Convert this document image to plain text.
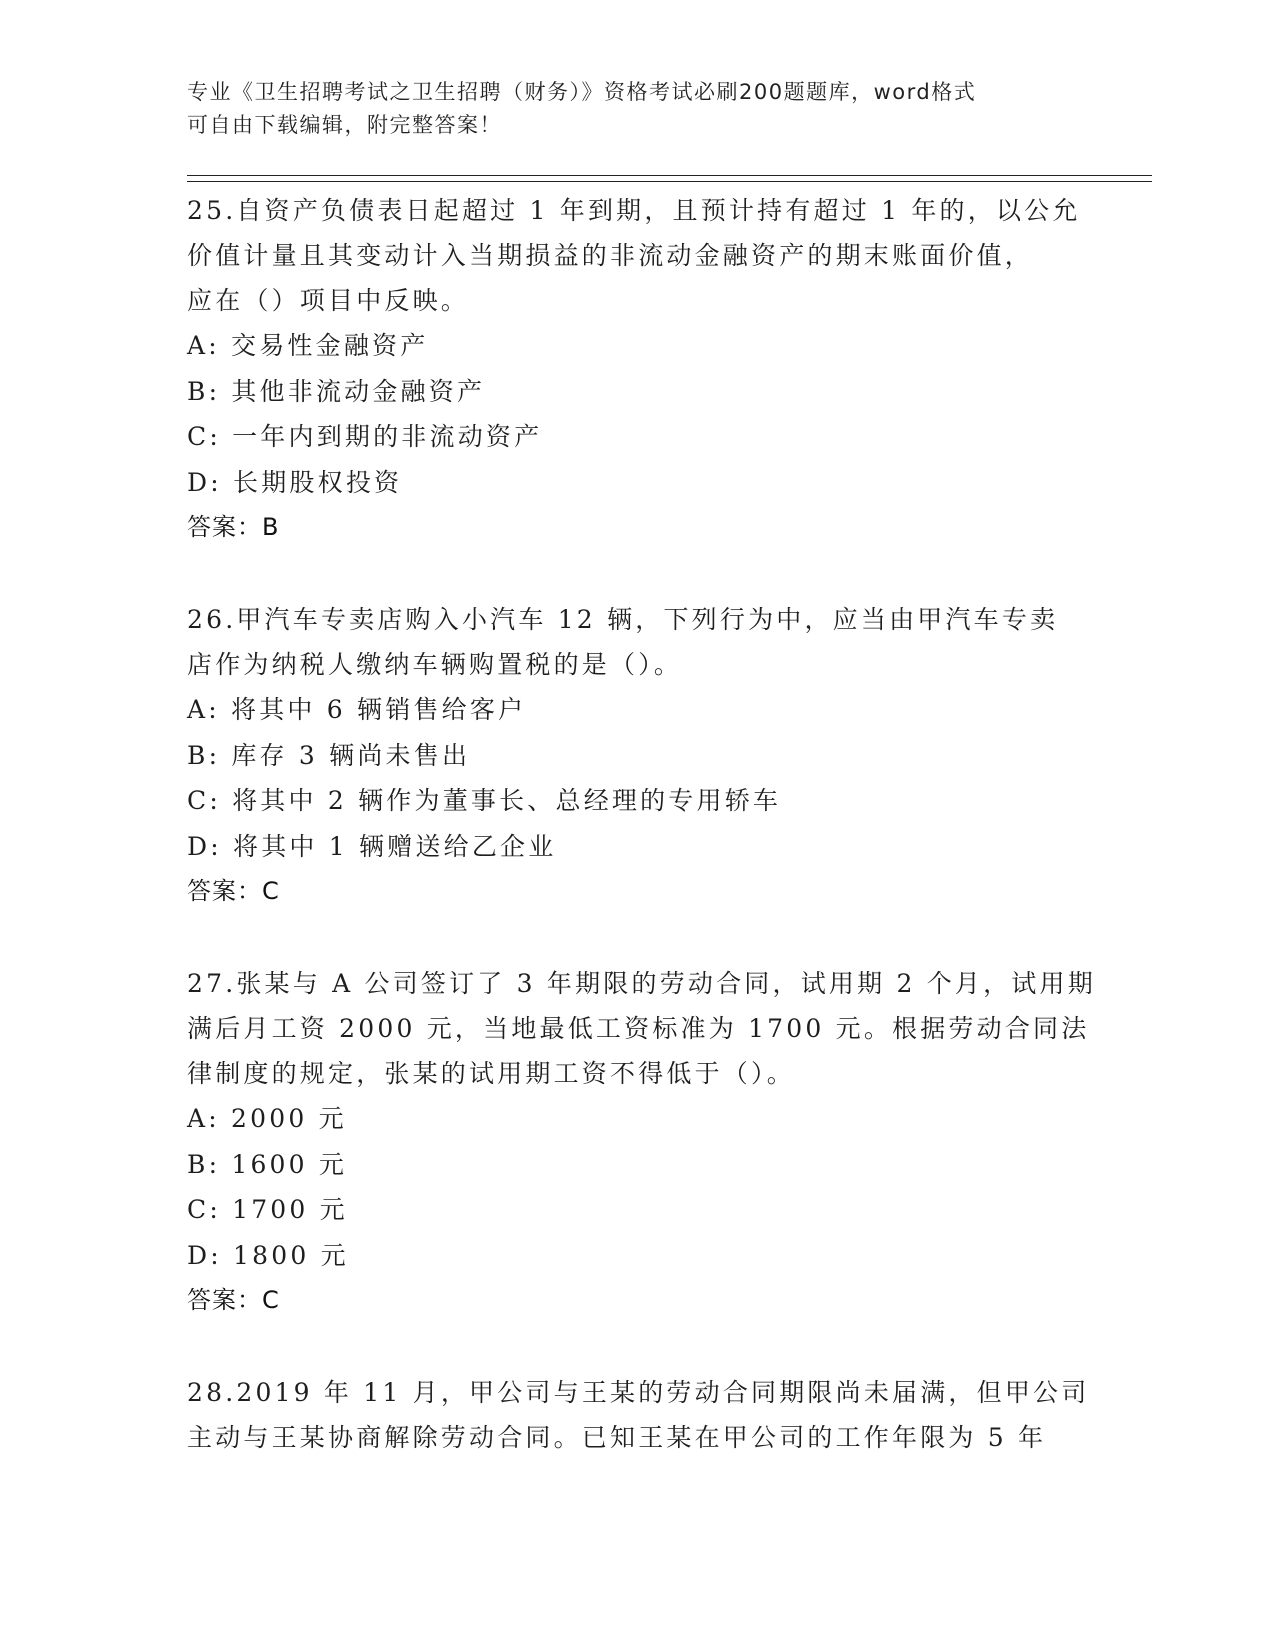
专业《卫生招聘考试之卫生招聘（财务）》资格考试必刷200题题库，word格式
可自由下载编辑，附完整答案！
25.自资产负债表日起超过 1 年到期，且预计持有超过 1 年的，以公允
价值计量且其变动计入当期损益的非流动金融资产的期末账面价值，
应在（）项目中反映。
A: 交易性金融资产
B: 其他非流动金融资产
C: 一年内到期的非流动资产
D: 长期股权投资
答案：B
26.甲汽车专卖店购入小汽车 12 辆，下列行为中，应当由甲汽车专卖
店作为纳税人缴纳车辆购置税的是（）。
A: 将其中 6 辆销售给客户
B: 库存 3 辆尚未售出
C: 将其中 2 辆作为董事长、总经理的专用轿车
D: 将其中 1 辆赠送给乙企业
答案：C
27.张某与 A 公司签订了 3 年期限的劳动合同，试用期 2 个月，试用期
满后月工资 2000 元，当地最低工资标准为 1700 元。根据劳动合同法
律制度的规定，张某的试用期工资不得低于（）。
A: 2000 元
B: 1600 元
C: 1700 元
D: 1800 元
答案：C
28.2019 年 11 月，甲公司与王某的劳动合同期限尚未届满，但甲公司
主动与王某协商解除劳动合同。已知王某在甲公司的工作年限为 5 年
